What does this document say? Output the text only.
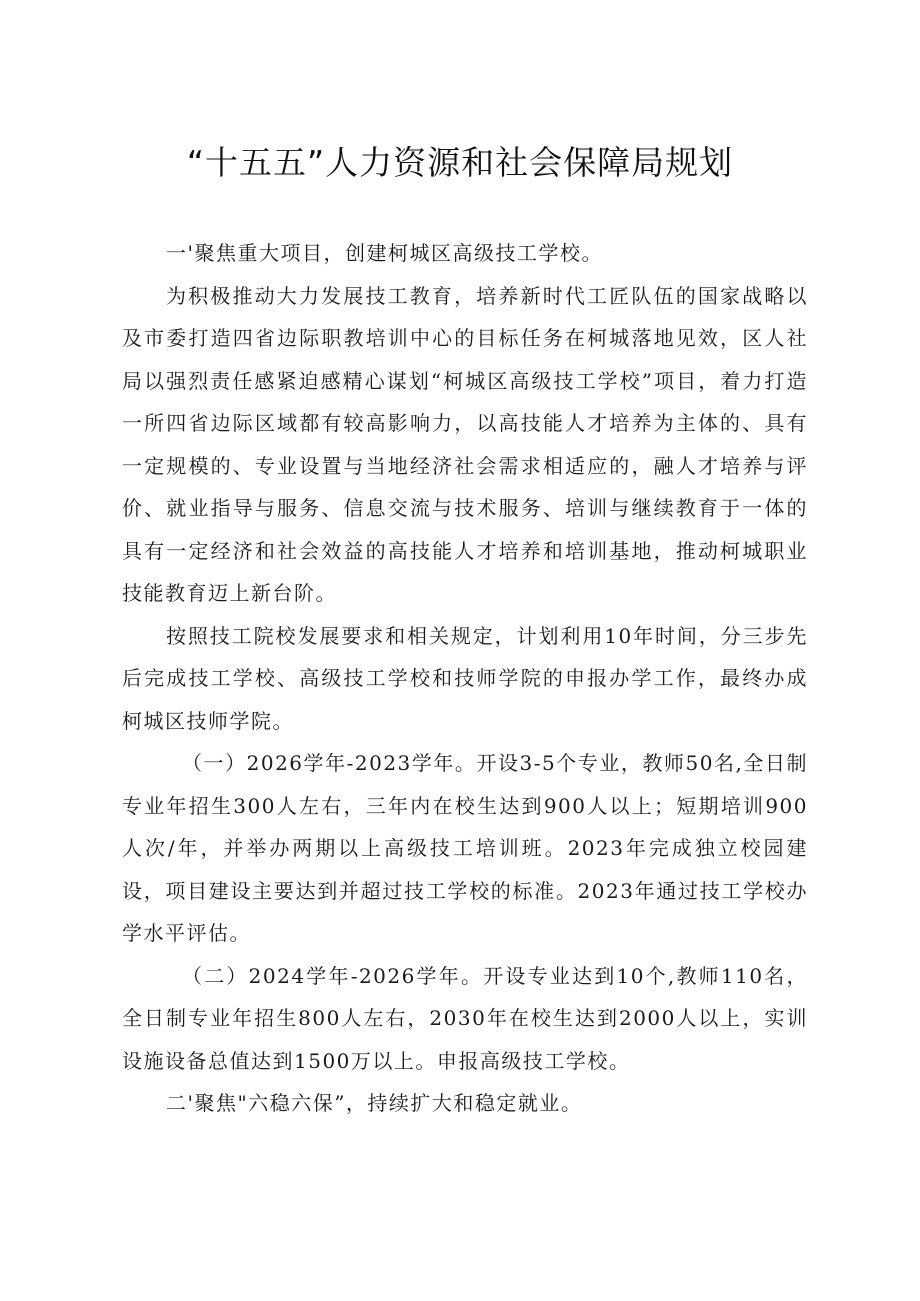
“十五五”人力资源和社会保障局规划

一'聚焦重大项目，创建柯城区高级技工学校。

为积极推动大力发展技工教育，培养新时代工匠队伍的国家战略以及市委打造四省边际职教培训中心的目标任务在柯城落地见效，区人社局以强烈责任感紧迫感精心谋划“柯城区高级技工学校”项目，着力打造一所四省边际区域都有较高影响力，以高技能人才培养为主体的、具有一定规模的、专业设置与当地经济社会需求相适应的，融人才培养与评价、就业指导与服务、信息交流与技术服务、培训与继续教育于一体的具有一定经济和社会效益的高技能人才培养和培训基地，推动柯城职业技能教育迈上新台阶。

按照技工院校发展要求和相关规定，计划利用10年时间，分三步先后完成技工学校、高级技工学校和技师学院的申报办学工作，最终办成柯城区技师学院。

（一）2026学年-2023学年。开设3-5个专业，教师50名,全日制专业年招生300人左右，三年内在校生达到900人以上；短期培训900人次/年，并举办两期以上高级技工培训班。2023年完成独立校园建设，项目建设主要达到并超过技工学校的标准。2023年通过技工学校办学水平评估。

（二）2024学年-2026学年。开设专业达到10个,教师110名，全日制专业年招生800人左右，2030年在校生达到2000人以上，实训设施设备总值达到1500万以上。申报高级技工学校。

二'聚焦"六稳六保”，持续扩大和稳定就业。
